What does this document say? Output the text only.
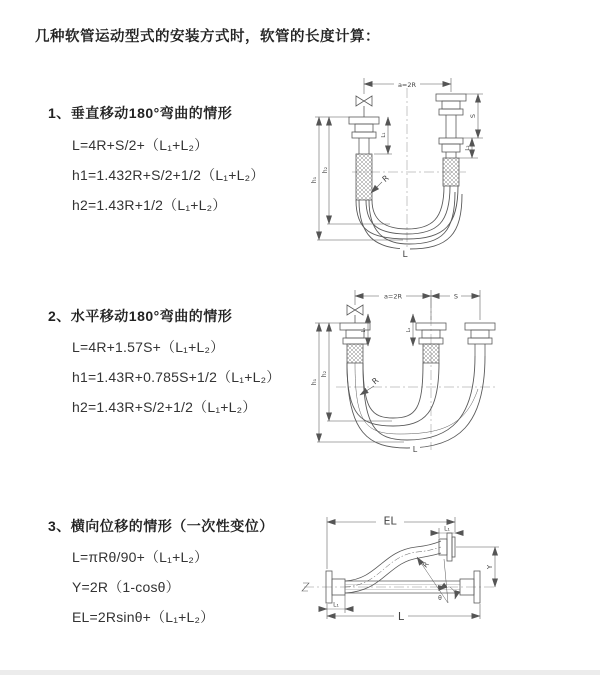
几种软管运动型式的安装方式时，软管的长度计算：
1、垂直移动180°弯曲的情形
L=4R+S/2+（L₁+L₂）
h1=1.432R+S/2+1/2（L₁+L₂）
h2=1.43R+1/2（L₁+L₂）
2、水平移动180°弯曲的情形
L=4R+1.57S+（L₁+L₂）
h1=1.43R+0.785S+1/2（L₁+L₂）
h2=1.43R+S/2+1/2（L₁+L₂）
3、横向位移的情形（一次性变位）
L=πRθ/90+（L₁+L₂）
Y=2R（1-cosθ）
EL=2Rsinθ+（L₁+L₂）
a=2R
h₁
h₂
L₁
S
L₂
R
L
a=2R	S
L₁	L₂
h₁
h₂
R
L
EL
L₁
Y
R
θ
L
L₁
